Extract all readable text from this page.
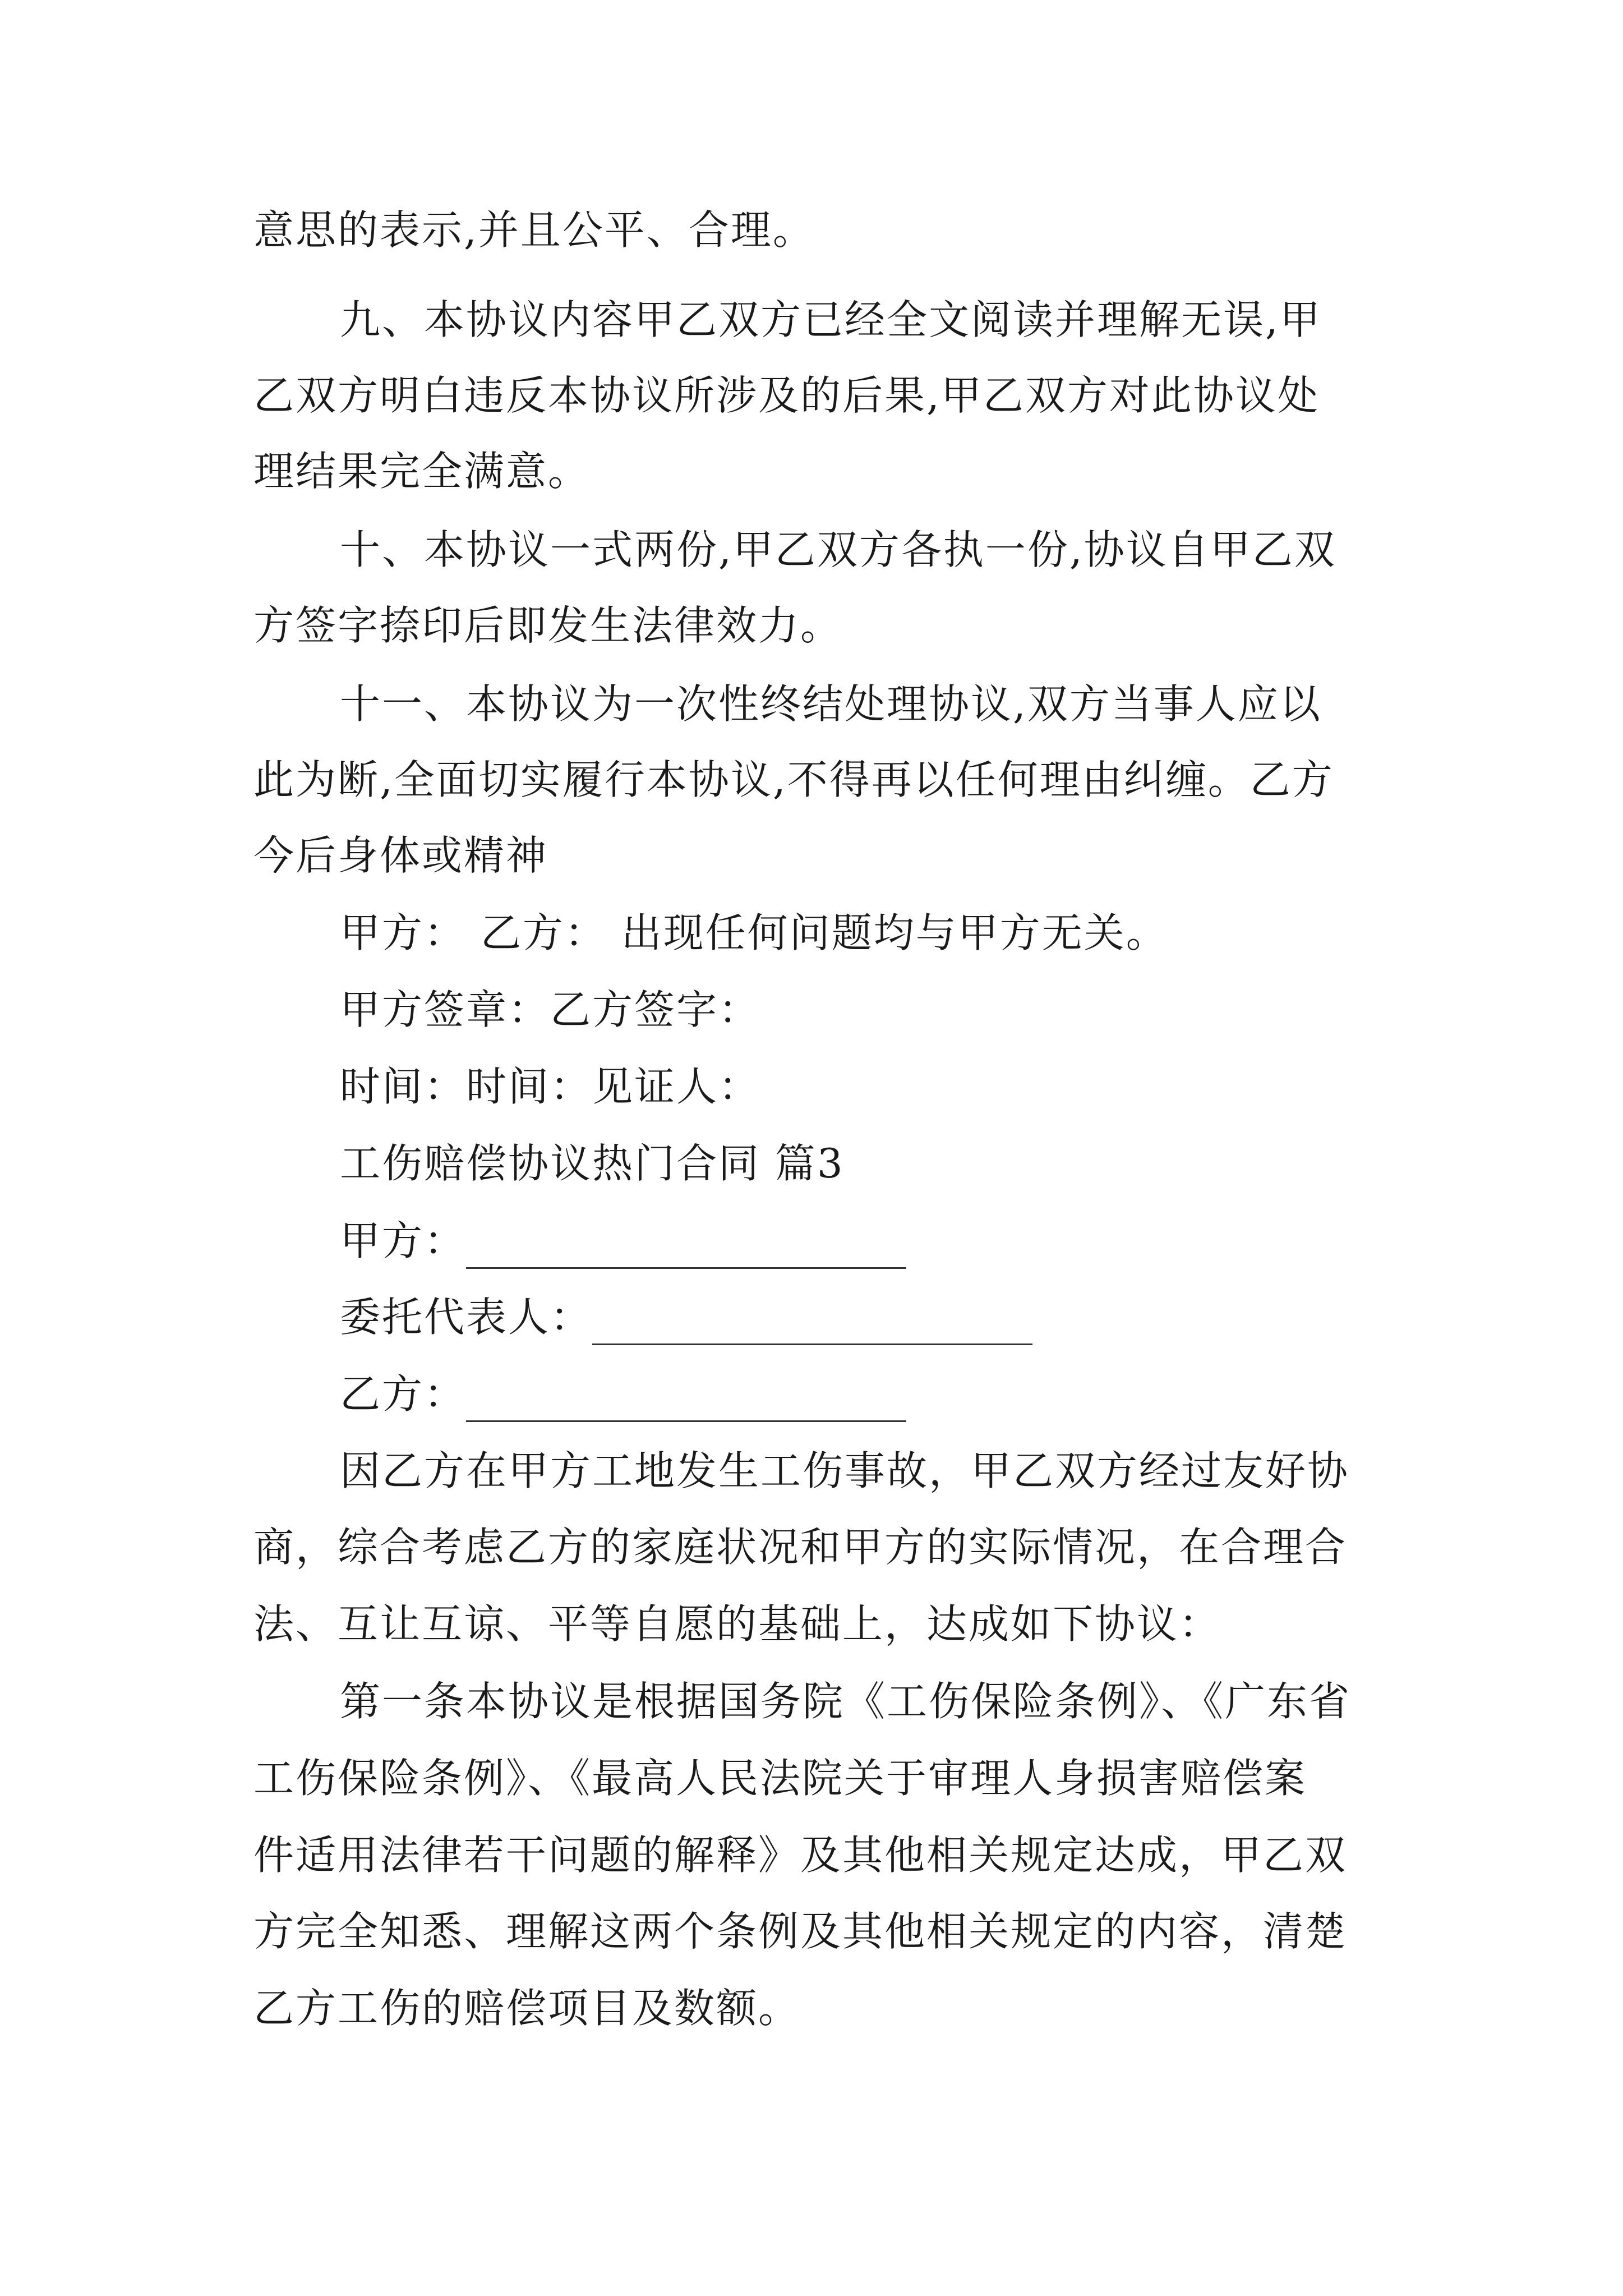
意思的表示,并且公平、合理。
九、本协议内容甲乙双方已经全文阅读并理解无误,甲
乙双方明白违反本协议所涉及的后果,甲乙双方对此协议处
理结果完全满意。
十、本协议一式两份,甲乙双方各执一份,协议自甲乙双
方签字捺印后即发生法律效力。
十一、本协议为一次性终结处理协议,双方当事人应以
此为断,全面切实履行本协议,不得再以任何理由纠缠。乙方
今后身体或精神
甲方： 乙方： 出现任何问题均与甲方无关。
甲方签章：乙方签字：
时间：时间：见证人：
工伤赔偿协议热门合同 篇3
甲方：
委托代表人：
乙方：
因乙方在甲方工地发生工伤事故，甲乙双方经过友好协
商，综合考虑乙方的家庭状况和甲方的实际情况，在合理合
法、互让互谅、平等自愿的基础上，达成如下协议：
第一条本协议是根据国务院《工伤保险条例》、《广东省
工伤保险条例》、《最高人民法院关于审理人身损害赔偿案
件适用法律若干问题的解释》及其他相关规定达成，甲乙双
方完全知悉、理解这两个条例及其他相关规定的内容，清楚
乙方工伤的赔偿项目及数额。
